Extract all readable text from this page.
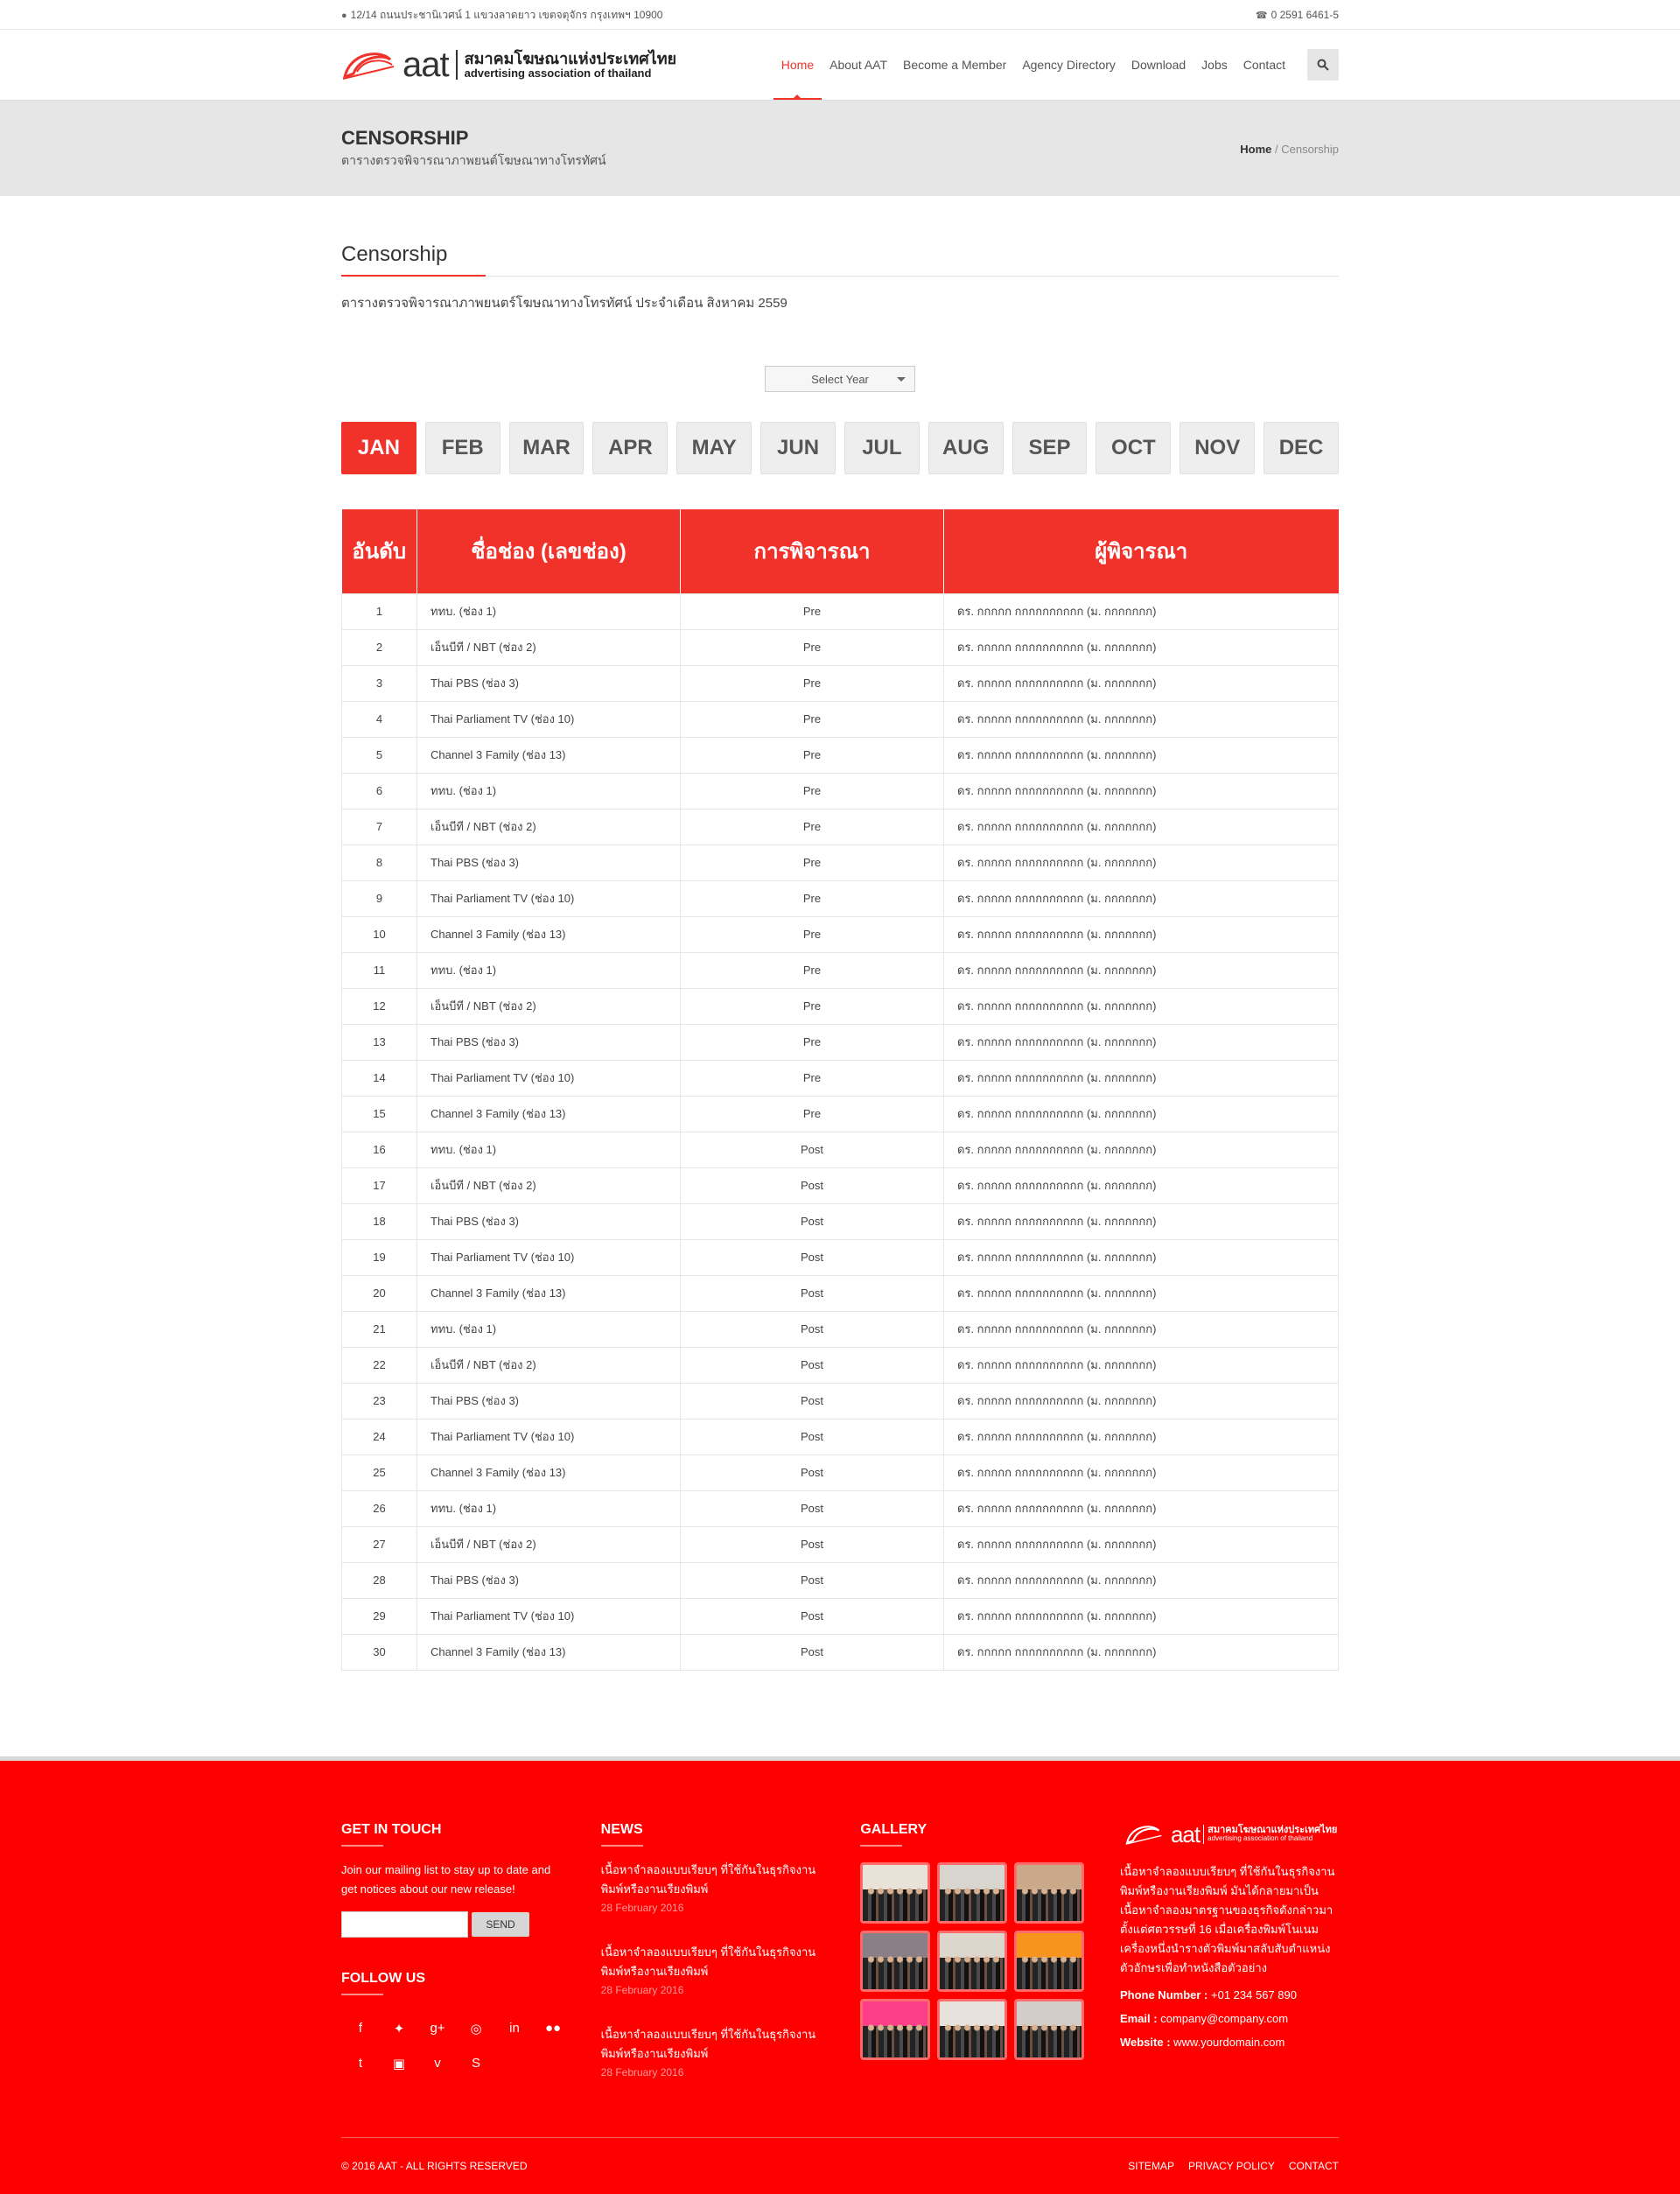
● 12/14 ถนนประชานิเวศน์ 1 แขวงลาดยาว เขตจตุจักร กรุงเทพฯ 10900	☎ 0 2591 6461-5
aat สมาคมโฆษณาแห่งประเทศไทย
advertising association of thailand
Home	About AAT	Become a Member	Agency Directory	Download	Jobs	Contact
CENSORSHIP
ตารางตรวจพิจารณาภาพยนต์โฆษณาทางโทรทัศน์
Home / Censorship
Censorship
ตารางตรวจพิจารณาภาพยนตร์โฆษณาทางโทรทัศน์ ประจำเดือน สิงหาคม 2559
Select Year
JAN	FEB	MAR	APR	MAY	JUN	JUL	AUG	SEP	OCT	NOV	DEC
อันดับ	ชื่อช่อง (เลขช่อง)	การพิจารณา	ผู้พิจารณา
1	ททบ. (ช่อง 1)	Pre	ดร. กกกกก กกกกกกกกกก (ม. กกกกกกก)
2	เอ็นบีที / NBT (ช่อง 2)	Pre	ดร. กกกกก กกกกกกกกกก (ม. กกกกกกก)
3	Thai PBS (ช่อง 3)	Pre	ดร. กกกกก กกกกกกกกกก (ม. กกกกกกก)
4	Thai Parliament TV (ช่อง 10)	Pre	ดร. กกกกก กกกกกกกกกก (ม. กกกกกกก)
5	Channel 3 Family (ช่อง 13)	Pre	ดร. กกกกก กกกกกกกกกก (ม. กกกกกกก)
6	ททบ. (ช่อง 1)	Pre	ดร. กกกกก กกกกกกกกกก (ม. กกกกกกก)
7	เอ็นบีที / NBT (ช่อง 2)	Pre	ดร. กกกกก กกกกกกกกกก (ม. กกกกกกก)
8	Thai PBS (ช่อง 3)	Pre	ดร. กกกกก กกกกกกกกกก (ม. กกกกกกก)
9	Thai Parliament TV (ช่อง 10)	Pre	ดร. กกกกก กกกกกกกกกก (ม. กกกกกกก)
10	Channel 3 Family (ช่อง 13)	Pre	ดร. กกกกก กกกกกกกกกก (ม. กกกกกกก)
11	ททบ. (ช่อง 1)	Pre	ดร. กกกกก กกกกกกกกกก (ม. กกกกกกก)
12	เอ็นบีที / NBT (ช่อง 2)	Pre	ดร. กกกกก กกกกกกกกกก (ม. กกกกกกก)
13	Thai PBS (ช่อง 3)	Pre	ดร. กกกกก กกกกกกกกกก (ม. กกกกกกก)
14	Thai Parliament TV (ช่อง 10)	Pre	ดร. กกกกก กกกกกกกกกก (ม. กกกกกกก)
15	Channel 3 Family (ช่อง 13)	Pre	ดร. กกกกก กกกกกกกกกก (ม. กกกกกกก)
16	ททบ. (ช่อง 1)	Post	ดร. กกกกก กกกกกกกกกก (ม. กกกกกกก)
17	เอ็นบีที / NBT (ช่อง 2)	Post	ดร. กกกกก กกกกกกกกกก (ม. กกกกกกก)
18	Thai PBS (ช่อง 3)	Post	ดร. กกกกก กกกกกกกกกก (ม. กกกกกกก)
19	Thai Parliament TV (ช่อง 10)	Post	ดร. กกกกก กกกกกกกกกก (ม. กกกกกกก)
20	Channel 3 Family (ช่อง 13)	Post	ดร. กกกกก กกกกกกกกกก (ม. กกกกกกก)
21	ททบ. (ช่อง 1)	Post	ดร. กกกกก กกกกกกกกกก (ม. กกกกกกก)
22	เอ็นบีที / NBT (ช่อง 2)	Post	ดร. กกกกก กกกกกกกกกก (ม. กกกกกกก)
23	Thai PBS (ช่อง 3)	Post	ดร. กกกกก กกกกกกกกกก (ม. กกกกกกก)
24	Thai Parliament TV (ช่อง 10)	Post	ดร. กกกกก กกกกกกกกกก (ม. กกกกกกก)
25	Channel 3 Family (ช่อง 13)	Post	ดร. กกกกก กกกกกกกกกก (ม. กกกกกกก)
26	ททบ. (ช่อง 1)	Post	ดร. กกกกก กกกกกกกกกก (ม. กกกกกกก)
27	เอ็นบีที / NBT (ช่อง 2)	Post	ดร. กกกกก กกกกกกกกกก (ม. กกกกกกก)
28	Thai PBS (ช่อง 3)	Post	ดร. กกกกก กกกกกกกกกก (ม. กกกกกกก)
29	Thai Parliament TV (ช่อง 10)	Post	ดร. กกกกก กกกกกกกกกก (ม. กกกกกกก)
30	Channel 3 Family (ช่อง 13)	Post	ดร. กกกกก กกกกกกกกกก (ม. กกกกกกก)
GET IN TOUCH

Join our mailing list to stay up to date and get notices about our new release!

SEND
FOLLOW US
f	✦	g+	◎	in	●●
t	▣	v	S
NEWS
เนื้อหาจำลองแบบเรียบๆ ที่ใช้กันในธุรกิจงานพิมพ์หรืองานเรียงพิมพ์
28 February 2016
เนื้อหาจำลองแบบเรียบๆ ที่ใช้กันในธุรกิจงานพิมพ์หรืองานเรียงพิมพ์
28 February 2016
เนื้อหาจำลองแบบเรียบๆ ที่ใช้กันในธุรกิจงานพิมพ์หรืองานเรียงพิมพ์
28 February 2016
GALLERY	aat สมาคมโฆษณาแห่งประเทศไทย
advertising association of thailand

เนื้อหาจำลองแบบเรียบๆ ที่ใช้กันในธุรกิจงานพิมพ์หรืองานเรียงพิมพ์ มันได้กลายมาเป็นเนื้อหาจำลองมาตรฐานของธุรกิจดังกล่าวมาตั้งแต่ศตวรรษที่ 16 เมื่อเครื่องพิมพ์โนเนมเครื่องหนึ่งนำรางตัวพิมพ์มาสลับสับตำแหน่งตัวอักษรเพื่อทำหนังสือตัวอย่าง

Phone Number : +01 234 567 890
Email : company@company.com
Website : www.yourdomain.com
© 2016 AAT - ALL RIGHTS RESERVED	SITEMAP PRIVACY POLICY CONTACT
